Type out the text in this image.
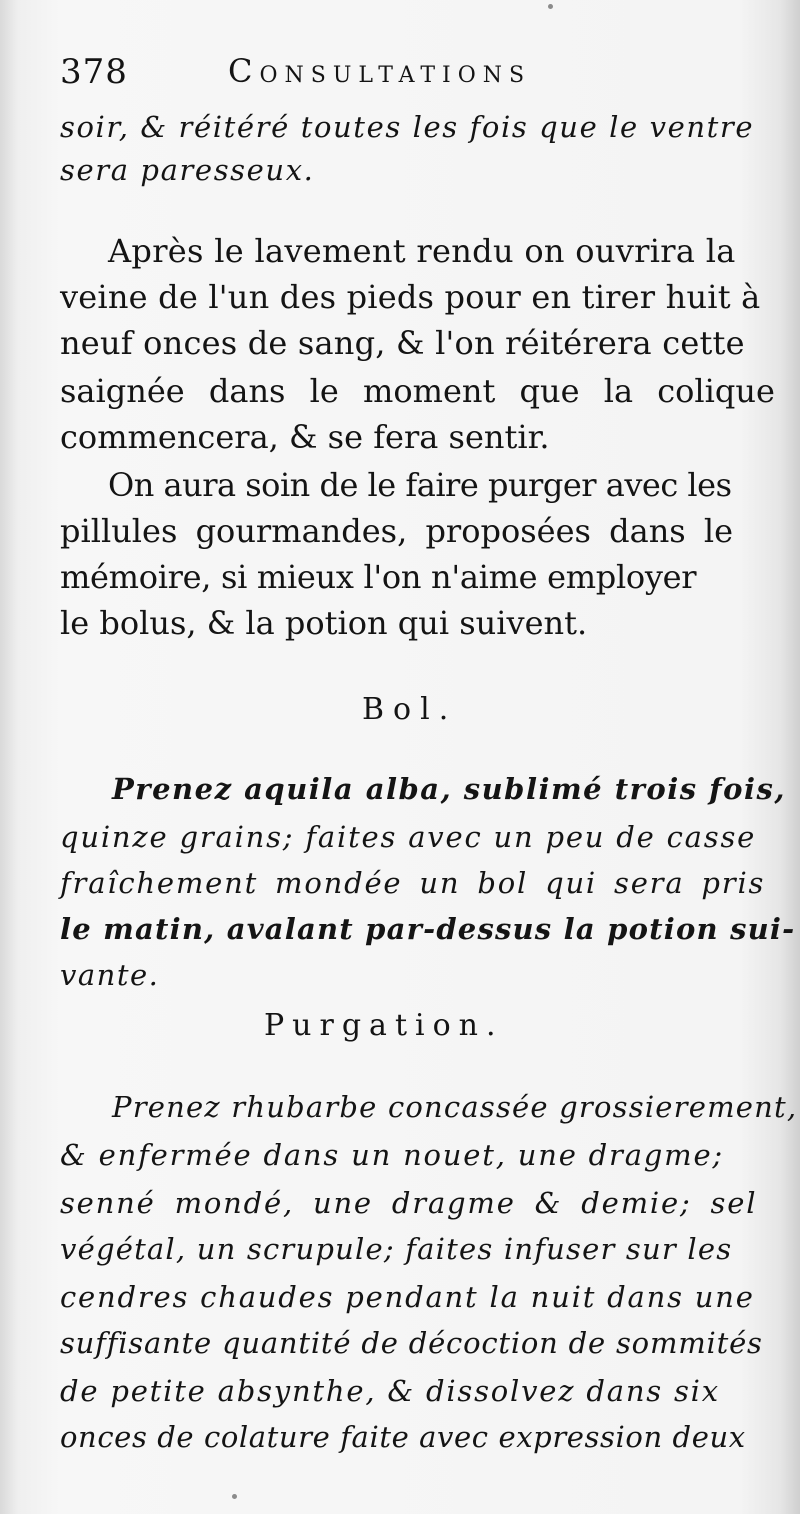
378	Consultations
soir, & réitéré toutes les fois que le ventre
sera paresseux.
Après le lavement rendu on ouvrira la
veine de l'un des pieds pour en tirer huit à
neuf onces de sang, & l'on réitérera cette
saignée dans le moment que la colique
commencera, & se fera sentir.
On aura soin de le faire purger avec les
pillules gourmandes, proposées dans le
mémoire, si mieux l'on n'aime employer
le bolus, & la potion qui suivent.
Bol.
Prenez aquila alba, sublimé trois fois,
quinze grains; faites avec un peu de casse
fraîchement mondée un bol qui sera pris
le matin, avalant par-dessus la potion sui-
vante.
Purgation.
Prenez rhubarbe concassée grossierement,
& enfermée dans un nouet, une dragme;
senné mondé, une dragme & demie; sel
végétal, un scrupule; faites infuser sur les
cendres chaudes pendant la nuit dans une
suffisante quantité de décoction de sommités
de petite absynthe, & dissolvez dans six
onces de colature faite avec expression deux
